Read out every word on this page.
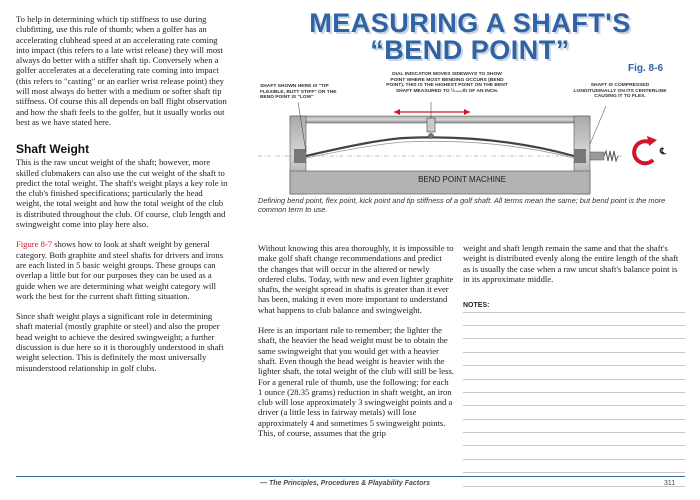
To help in determining which tip stiffness to use during clubfitting, use this rule of thumb; when a golfer has an accelerating clubhead speed at an accelerating rate coming into impact (this refers to a late wrist release) they will most always do better with a stiffer shaft tip. Conversely when a golfer accelerates at a decelerating rate coming into impact (this refers to "casting" or an earlier wrist release point) they will most always do better with a medium or softer shaft tip stiffness. Of course this all depends on ball flight observation and how the shaft feels to the golfer, but it usually works out best as we have stated here.

Shaft Weight

This is the raw uncut weight of the shaft; however, more skilled clubmakers can also use the cut weight of the shaft to predict the total weight. The shaft's weight plays a key role in the club's finished specifications; particularly the head weight, the total weight and how the total weight of the club is distributed throughout the club. Of course, club length and swingweight come into play here also.

Figure 8-7 shows how to look at shaft weight by general category. Both graphite and steel shafts for drivers and irons are each listed in 5 basic weight groups. These groups can overlap a little but for our purposes they can be used as a guide when we are determining what weight category will work the best for the current shaft fitting situation.

Since shaft weight plays a significant role in determining shaft material (mostly graphite or steel) and also the proper head weight to achieve the desired swingweight; a further discussion is due here so it is thoroughly understood in shaft weight selection. This is definitely the most universally misunderstood relationship in golf clubs.

MEASURING A SHAFT'S
“BEND POINT”
Fig. 8-6
℄
SHAFT SHOWN HERE IS "TIP FLEXIBLE, BUTT STIFF" OR THE BEND POINT IS "LOW"
DIAL INDICATOR MOVES SIDEWAYS TO SHOW POINT WHERE MOST BENDING OCCURS (BEND POINT). THIS IS THE HIGHEST POINT ON THE BENT SHAFT MEASURED TO ¹/₁₀₀₀th OF AN INCH.
SHAFT IS COMPRESSED LONGITUDINALLY ON ITS CENTERLINE CAUSING IT TO FLEX.
BEND POINT MACHINE
Defining bend point, flex point, kick point and tip stiffness of a golf shaft. All terms mean the same; but bend point is the more common term to use.

Without knowing this area thoroughly, it is impossible to make golf shaft change recommendations and predict the changes that will occur in the altered or newly ordered clubs. Today, with new and even lighter graphite shafts, the weight spread in shafts is greater than it ever has been, making it even more important to understand what happens to club balance and swingweight.

Here is an important rule to remember; the lighter the shaft, the heavier the head weight must be to obtain the same swingweight that you would get with a heavier shaft. Even though the head weight is heavier with the lighter shaft, the total weight of the club will still be less. For a general rule of thumb, use the following: for each 1 ounce (28.35 grams) reduction in shaft weight, an iron club will lose approximately 3 swingweight points and a driver (a little less in fairway metals) will lose approximately 4 and sometimes 5 swingweight points. This, of course, assumes that the grip

weight and shaft length remain the same and that the shaft's weight is distributed evenly along the entire length of the shaft as is usually the case when a raw uncut shaft's balance point is in its approximate middle.

NOTES:
— The Principles, Procedures & Playability Factors	311
